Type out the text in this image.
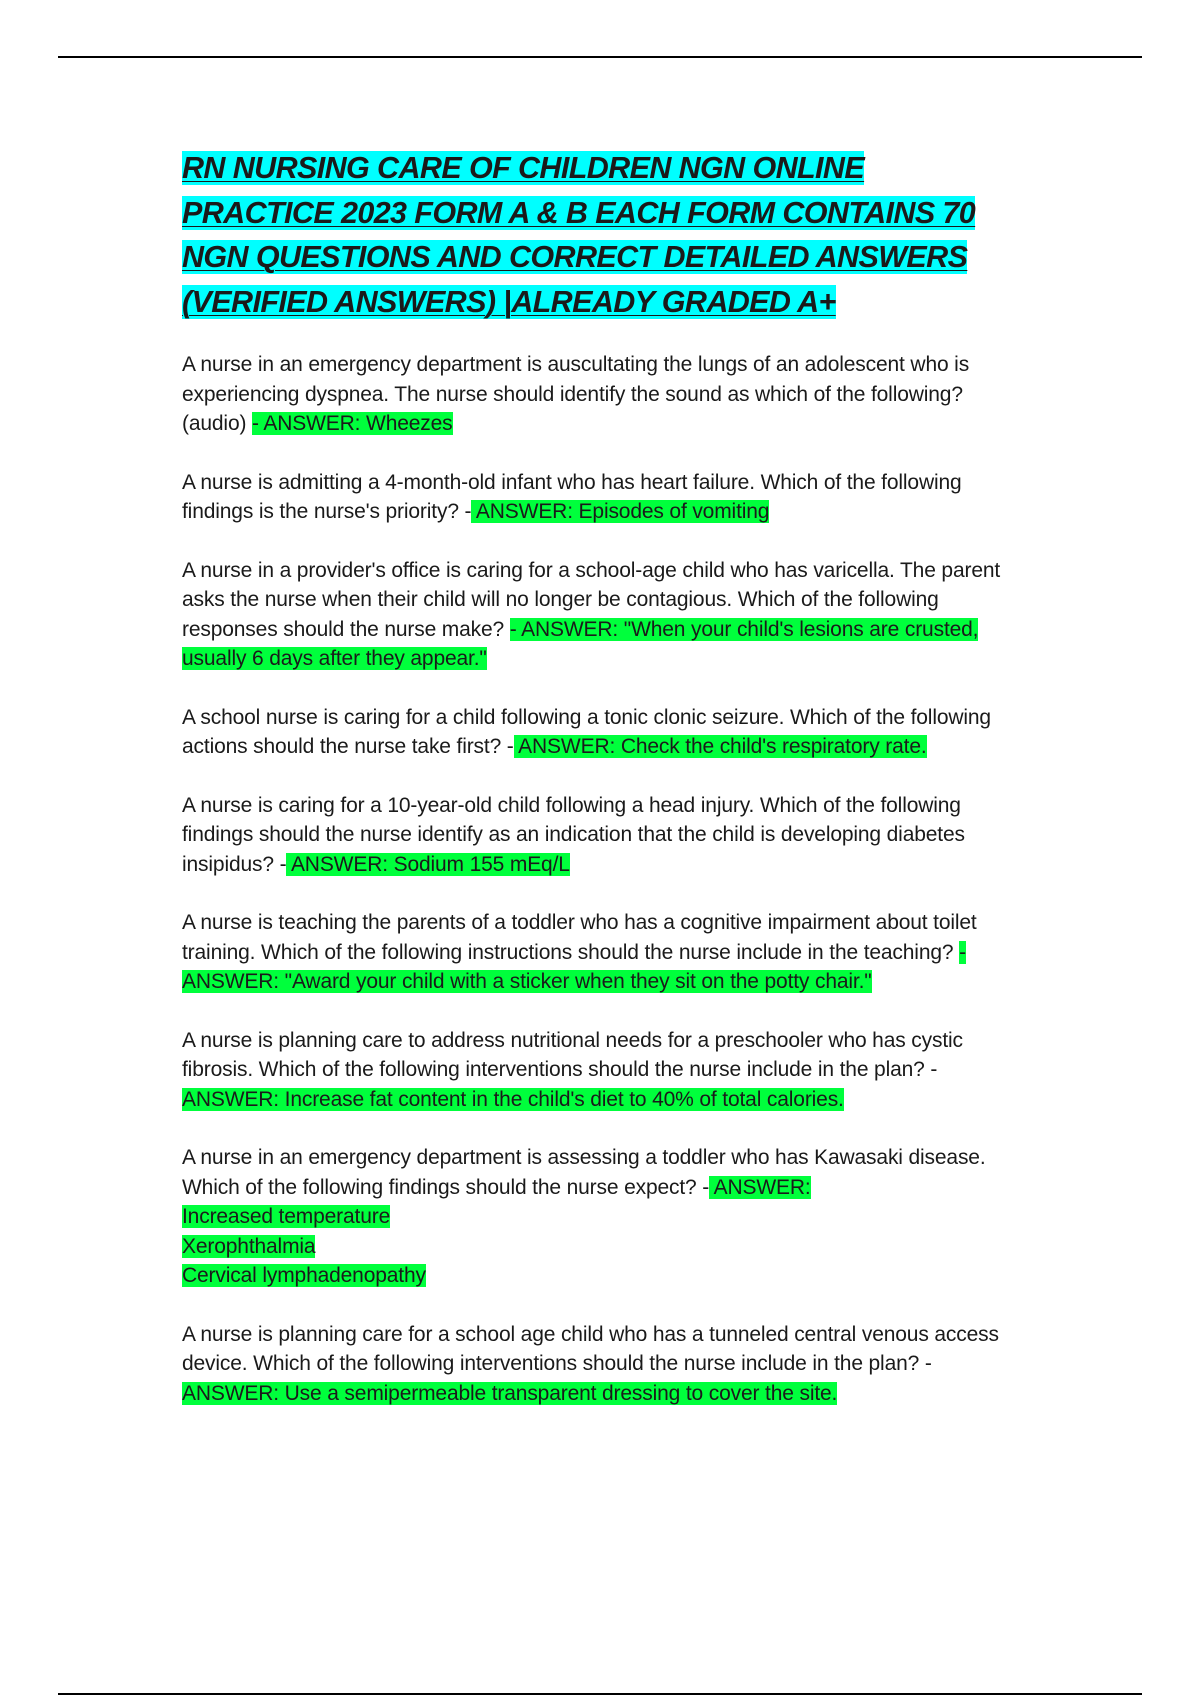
RN NURSING CARE OF CHILDREN NGN ONLINE PRACTICE 2023 FORM A & B EACH FORM CONTAINS 70 NGN QUESTIONS AND CORRECT DETAILED ANSWERS (VERIFIED ANSWERS) |ALREADY GRADED A+

A nurse in an emergency department is auscultating the lungs of an adolescent who is experiencing dyspnea. The nurse should identify the sound as which of the following? (audio) - ANSWER: Wheezes

A nurse is admitting a 4-month-old infant who has heart failure. Which of the following findings is the nurse's priority? - ANSWER: Episodes of vomiting

A nurse in a provider's office is caring for a school-age child who has varicella. The parent asks the nurse when their child will no longer be contagious. Which of the following responses should the nurse make? - ANSWER: "When your child's lesions are crusted, usually 6 days after they appear."

A school nurse is caring for a child following a tonic clonic seizure. Which of the following actions should the nurse take first? - ANSWER: Check the child's respiratory rate.

A nurse is caring for a 10-year-old child following a head injury. Which of the following findings should the nurse identify as an indication that the child is developing diabetes insipidus? - ANSWER: Sodium 155 mEq/L

A nurse is teaching the parents of a toddler who has a cognitive impairment about toilet training. Which of the following instructions should the nurse include in the teaching? - ANSWER: "Award your child with a sticker when they sit on the potty chair."

A nurse is planning care to address nutritional needs for a preschooler who has cystic fibrosis. Which of the following interventions should the nurse include in the plan? - ANSWER: Increase fat content in the child's diet to 40% of total calories.

A nurse in an emergency department is assessing a toddler who has Kawasaki disease. Which of the following findings should the nurse expect? - ANSWER:
Increased temperature
Xerophthalmia
Cervical lymphadenopathy

A nurse is planning care for a school age child who has a tunneled central venous access device. Which of the following interventions should the nurse include in the plan? - ANSWER: Use a semipermeable transparent dressing to cover the site.
